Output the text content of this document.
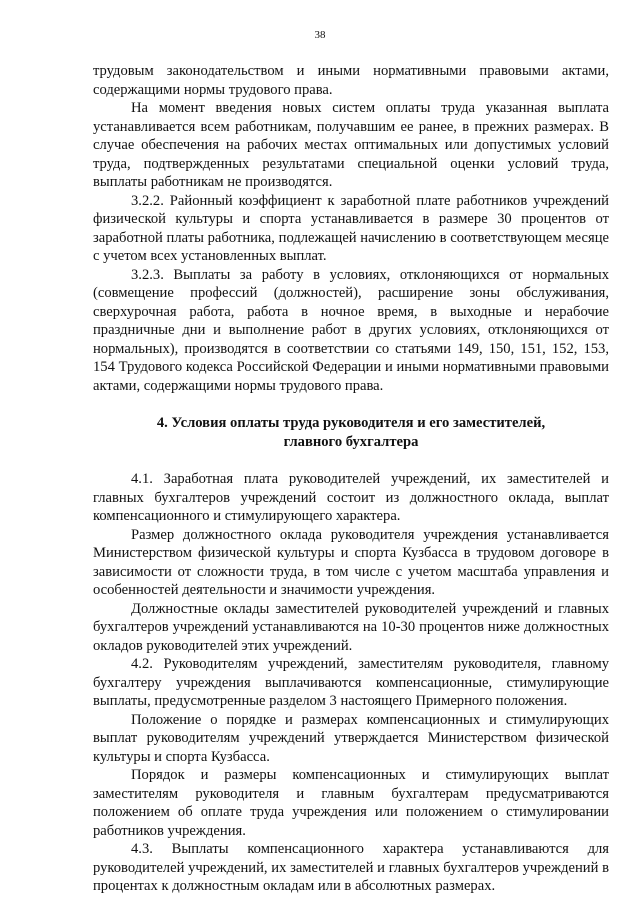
38

трудовым законодательством и иными нормативными правовыми актами, содержащими нормы трудового права.

На момент введения новых систем оплаты труда указанная выплата устанавливается всем работникам, получавшим ее ранее, в прежних размерах. В случае обеспечения на рабочих местах оптимальных или допустимых условий труда, подтвержденных результатами специальной оценки условий труда, выплаты работникам не производятся.

3.2.2. Районный коэффициент к заработной плате работников учреждений физической культуры и спорта устанавливается в размере 30 процентов от заработной платы работника, подлежащей начислению в соответствующем месяце с учетом всех установленных выплат.

3.2.3. Выплаты за работу в условиях, отклоняющихся от нормальных (совмещение профессий (должностей), расширение зоны обслуживания, сверхурочная работа, работа в ночное время, в выходные и нерабочие праздничные дни и выполнение работ в других условиях, отклоняющихся от нормальных), производятся в соответствии со статьями 149, 150, 151, 152, 153, 154 Трудового кодекса Российской Федерации и иными нормативными правовыми актами, содержащими нормы трудового права.

4. Условия оплаты труда руководителя и его заместителей,
главного бухгалтера

4.1. Заработная плата руководителей учреждений, их заместителей и главных бухгалтеров учреждений состоит из должностного оклада, выплат компенсационного и стимулирующего характера.

Размер должностного оклада руководителя учреждения устанавливается Министерством физической культуры и спорта Кузбасса в трудовом договоре в зависимости от сложности труда, в том числе с учетом масштаба управления и особенностей деятельности и значимости учреждения.

Должностные оклады заместителей руководителей учреждений и главных бухгалтеров учреждений устанавливаются на 10-30 процентов ниже должностных окладов руководителей этих учреждений.

4.2. Руководителям учреждений, заместителям руководителя, главному бухгалтеру учреждения выплачиваются компенсационные, стимулирующие выплаты, предусмотренные разделом 3 настоящего Примерного положения.

Положение о порядке и размерах компенсационных и стимулирующих выплат руководителям учреждений утверждается Министерством физической культуры и спорта Кузбасса.

Порядок и размеры компенсационных и стимулирующих выплат заместителям руководителя и главным бухгалтерам предусматриваются положением об оплате труда учреждения или положением о стимулировании работников учреждения.

4.3. Выплаты компенсационного характера устанавливаются для руководителей учреждений, их заместителей и главных бухгалтеров учреждений в процентах к должностным окладам или в абсолютных размерах.
